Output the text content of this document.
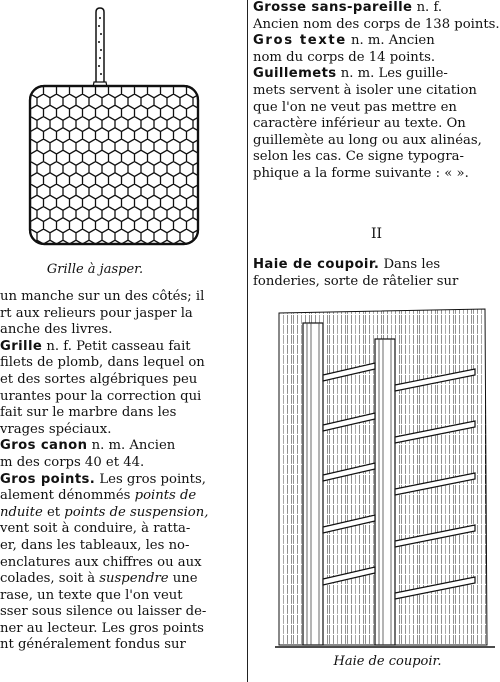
Grille à jasper.

un manche sur un des côtés; il

rt aux relieurs pour jasper la

anche des livres.

Grille n. f. Petit casseau fait

filets de plomb, dans lequel on

et des sortes algébriques peu

urantes pour la correction qui

fait sur le marbre dans les

vrages spéciaux.

Gros canon n. m. Ancien

m des corps 40 et 44.

Gros points. Les gros points,

alement dénommés points de

nduite et points de suspension,

vent soit à conduire, à ratta-

er, dans les tableaux, les no-

enclatures aux chiffres ou aux

colades, soit à suspendre une

rase, un texte que l'on veut

sser sous silence ou laisser de-

ner au lecteur. Les gros points

nt généralement fondus sur

Grosse sans-pareille n. f.

Ancien nom des corps de 138 points.

Gros texte n. m. Ancien

nom du corps de 14 points.

Guillemets n. m. Les guille-

mets servent à isoler une citation

que l'on ne veut pas mettre en

caractère inférieur au texte. On

guillemète au long ou aux alinéas,

selon les cas. Ce signe typogra-

phique a la forme suivante : « ».

II

Haie de coupoir. Dans les

fonderies, sorte de râtelier sur

Haie de coupoir.
